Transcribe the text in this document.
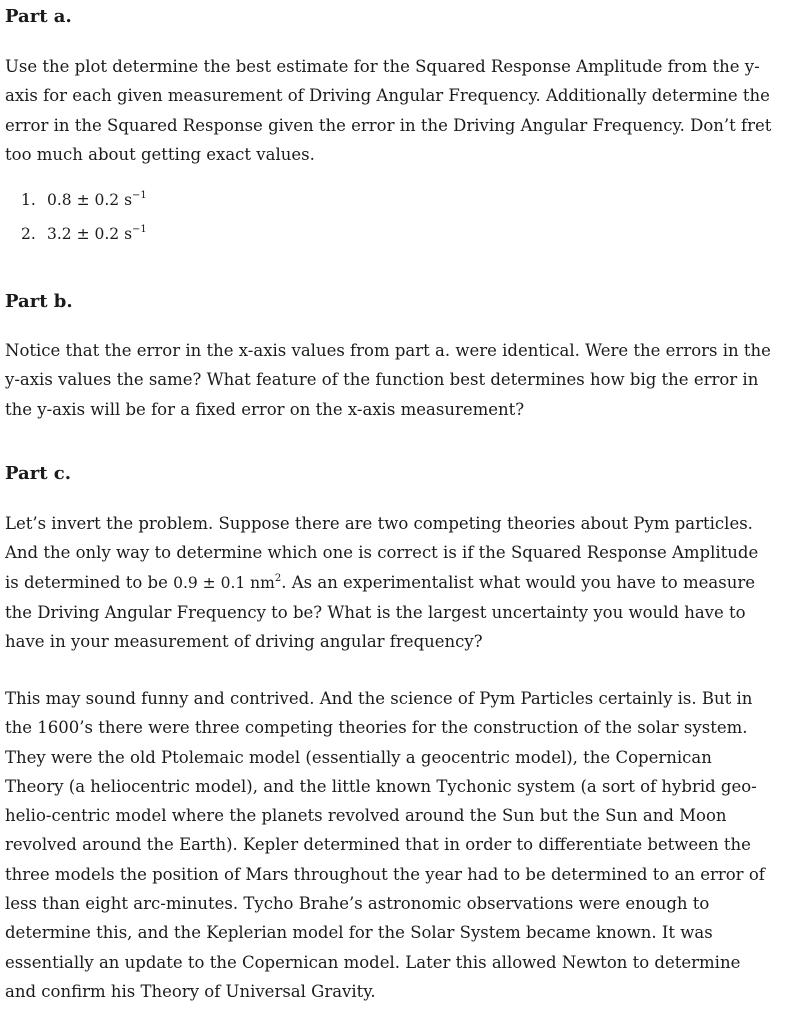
Part a.

Use the plot determine the best estimate for the Squared Response Amplitude from the y-axis for each given measurement of Driving Angular Frequency. Additionally determine the error in the Squared Response given the error in the Driving Angular Frequency. Don’t fret too much about getting exact values.

1. 0.8 ± 0.2 $s^{-1}$
2. 3.2 ± 0.2 $s^{-1}$
Part b.

Notice that the error in the x-axis values from part a. were identical. Were the errors in the y-axis values the same? What feature of the function best determines how big the error in the y-axis will be for a fixed error on the x-axis measurement?

Part c.

Let’s invert the problem. Suppose there are two competing theories about Pym particles. And the only way to determine which one is correct is if the Squared Response Amplitude is determined to be 0.9 ± 0.1 $nm^2$. As an experimentalist what would you have to measure the Driving Angular Frequency to be? What is the largest uncertainty you would have to have in your measurement of driving angular frequency?

This may sound funny and contrived. And the science of Pym Particles certainly is. But in the 1600’s there were three competing theories for the construction of the solar system. They were the old Ptolemaic model (essentially a geocentric model), the Copernican Theory (a heliocentric model), and the little known Tychonic system (a sort of hybrid geo-helio-centric model where the planets revolved around the Sun but the Sun and Moon revolved around the Earth). Kepler determined that in order to differentiate between the three models the position of Mars throughout the year had to be determined to an error of less than eight arc-minutes. Tycho Brahe’s astronomic observations were enough to determine this, and the Keplerian model for the Solar System became known. It was essentially an update to the Copernican model. Later this allowed Newton to determine and confirm his Theory of Universal Gravity.
